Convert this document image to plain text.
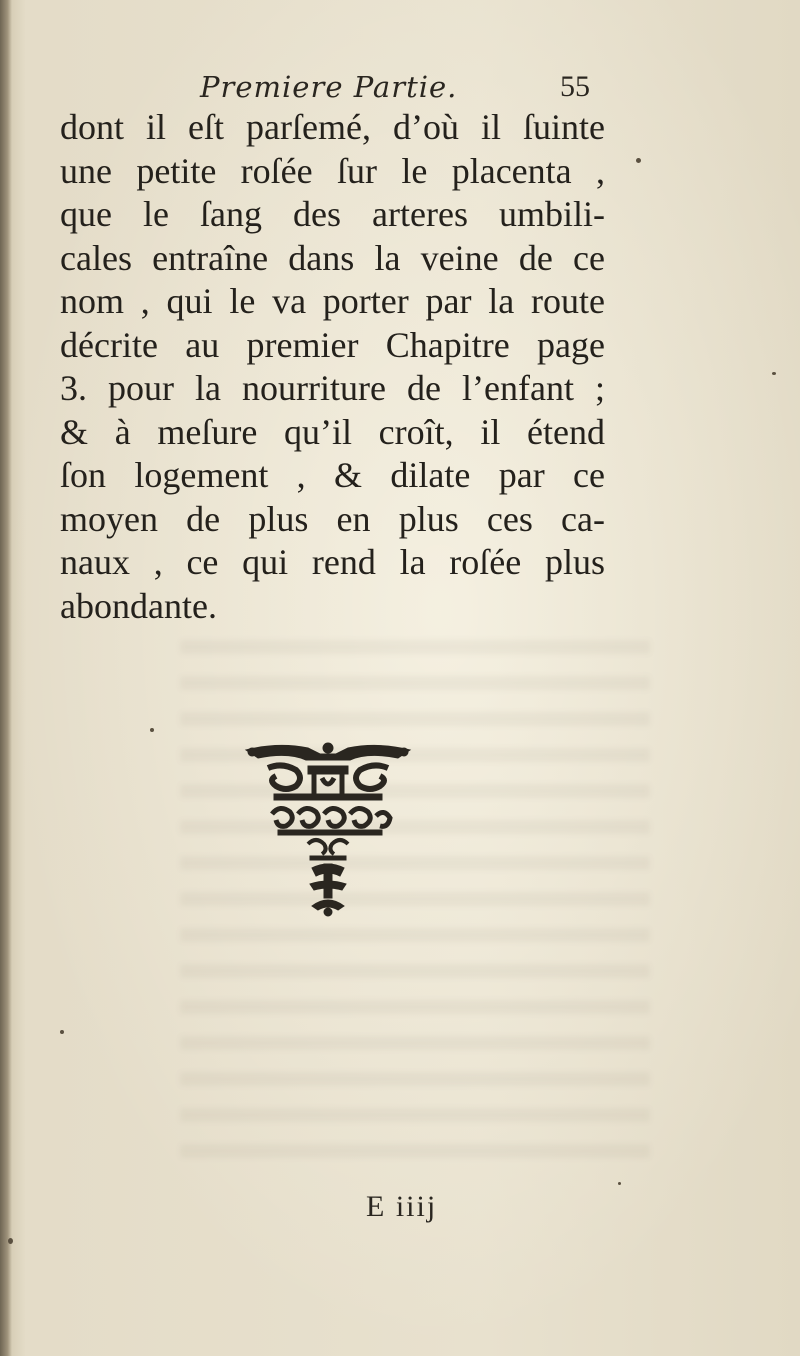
Premiere Partie.	55
dont il eſt parſemé, d’où il ſuinte
une petite roſée ſur le placenta ,
que le ſang des arteres umbili-
cales entraîne dans la veine de ce
nom , qui le va porter par la route
décrite au premier Chapitre page
3. pour la nourriture de l’enfant ;
& à meſure qu’il croît, il étend
ſon logement , & dilate par ce
moyen de plus en plus ces ca-
naux , ce qui rend la roſée plus
abondante.
E iiij
